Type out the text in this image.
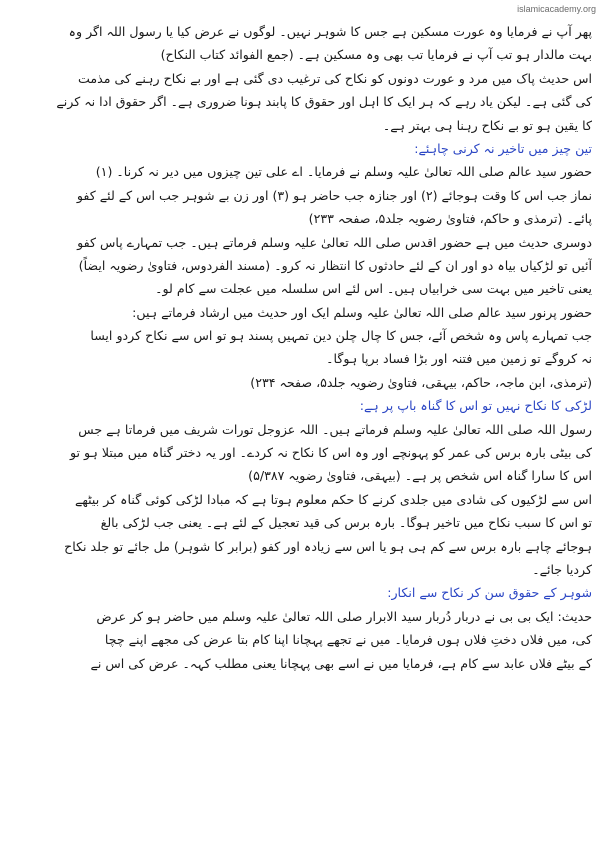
islamicacademy.org

پھر آپ نے فرمایا وہ عورت مسکین ہے جس کا شوہر نہیں۔ لوگوں نے عرض کیا یا رسول اللہ اگر وہ

بہت مالدار ہو تب آپ نے فرمایا تب بھی وہ مسکین ہے۔ (جمع الفوائد کتاب النکاح)

اس حدیث پاک میں مرد و عورت دونوں کو نکاح کی ترغیب دی گئی ہے اور بے نکاح رہنے کی مذمت

کی گئی ہے۔ لیکن یاد رہے کہ ہر ایک کا اہل اور حقوق کا پابند ہونا ضروری ہے۔ اگر حقوق ادا نہ کرنے

کا یقین ہو تو بے نکاح رہنا ہی بہتر ہے۔

تین چیز میں تاخیر نہ کرنی چاہئے:

حضور سید عالم صلی اللہ تعالیٰ علیہ وسلم نے فرمایا۔ اے علی تین چیزوں میں دیر نہ کرنا۔ (۱)

نماز جب اس کا وقت ہوجائے (۲) اور جنازہ جب حاضر ہو (۳) اور زن بے شوہر جب اس کے لئے کفو

پائے۔ (ترمذی و حاکم، فتاویٰ رضویہ جلد۵، صفحہ ۲۳۳)

دوسری حدیث میں ہے حضور اقدس صلی اللہ تعالیٰ علیہ وسلم فرماتے ہیں۔ جب تمہارے پاس کفو

آئیں تو لڑکیاں بیاہ دو اور ان کے لئے حادثوں کا انتظار نہ کرو۔ (مسند الفردوس، فتاویٰ رضویہ ایضاً)

یعنی تاخیر میں بہت سی خرابیاں ہیں۔ اس لئے اس سلسلہ میں عجلت سے کام لو۔

حضور پرنور سید عالم صلی اللہ تعالیٰ علیہ وسلم ایک اور حدیث میں ارشاد فرماتے ہیں:

جب تمہارے پاس وہ شخص آئے، جس کا چال چلن دین تمہیں پسند ہو تو اس سے نکاح کردو ایسا

نہ کروگے تو زمین میں فتنہ اور بڑا فساد برپا ہوگا۔

(ترمذی، ابن ماجہ، حاکم، بیہقی، فتاویٰ رضویہ جلد۵، صفحہ ۲۳۴)

لڑکی کا نکاح نہیں تو اس کا گناہ باپ پر ہے:

رسول اللہ صلی اللہ تعالیٰ علیہ وسلم فرماتے ہیں۔ اللہ عزوجل تورات شریف میں فرماتا ہے جس

کی بیٹی بارہ برس کی عمر کو پہونچے اور وہ اس کا نکاح نہ کردے۔ اور یہ دختر گناہ میں مبتلا ہو تو

اس کا سارا گناہ اس شخص پر ہے۔ (بیہقی، فتاویٰ رضویہ ۵/۳۸۷)

اس سے لڑکیوں کی شادی میں جلدی کرنے کا حکم معلوم ہوتا ہے کہ مبادا لڑکی کوئی گناہ کر بیٹھے

تو اس کا سبب نکاح میں تاخیر ہوگا۔ بارہ برس کی قید تعجیل کے لئے ہے۔ یعنی جب لڑکی بالغ

ہوجائے چاہے بارہ برس سے کم ہی ہو یا اس سے زیادہ اور کفو (برابر کا شوہر) مل جائے تو جلد نکاح

کردیا جائے۔

شوہر کے حقوق سن کر نکاح سے انکار:

حدیث: ایک بی بی نے دربار دُربار سید الابرار صلی اللہ تعالیٰ علیہ وسلم میں حاضر ہو کر عرض

کی، میں فلاں دختِ فلاں ہوں فرمایا۔ میں نے تجھے پہچانا اپنا کام بتا عرض کی مجھے اپنے چچا

کے بیٹے فلاں عابد سے کام ہے، فرمایا میں نے اسے بھی پہچانا یعنی مطلب کہہ۔ عرض کی اس نے
